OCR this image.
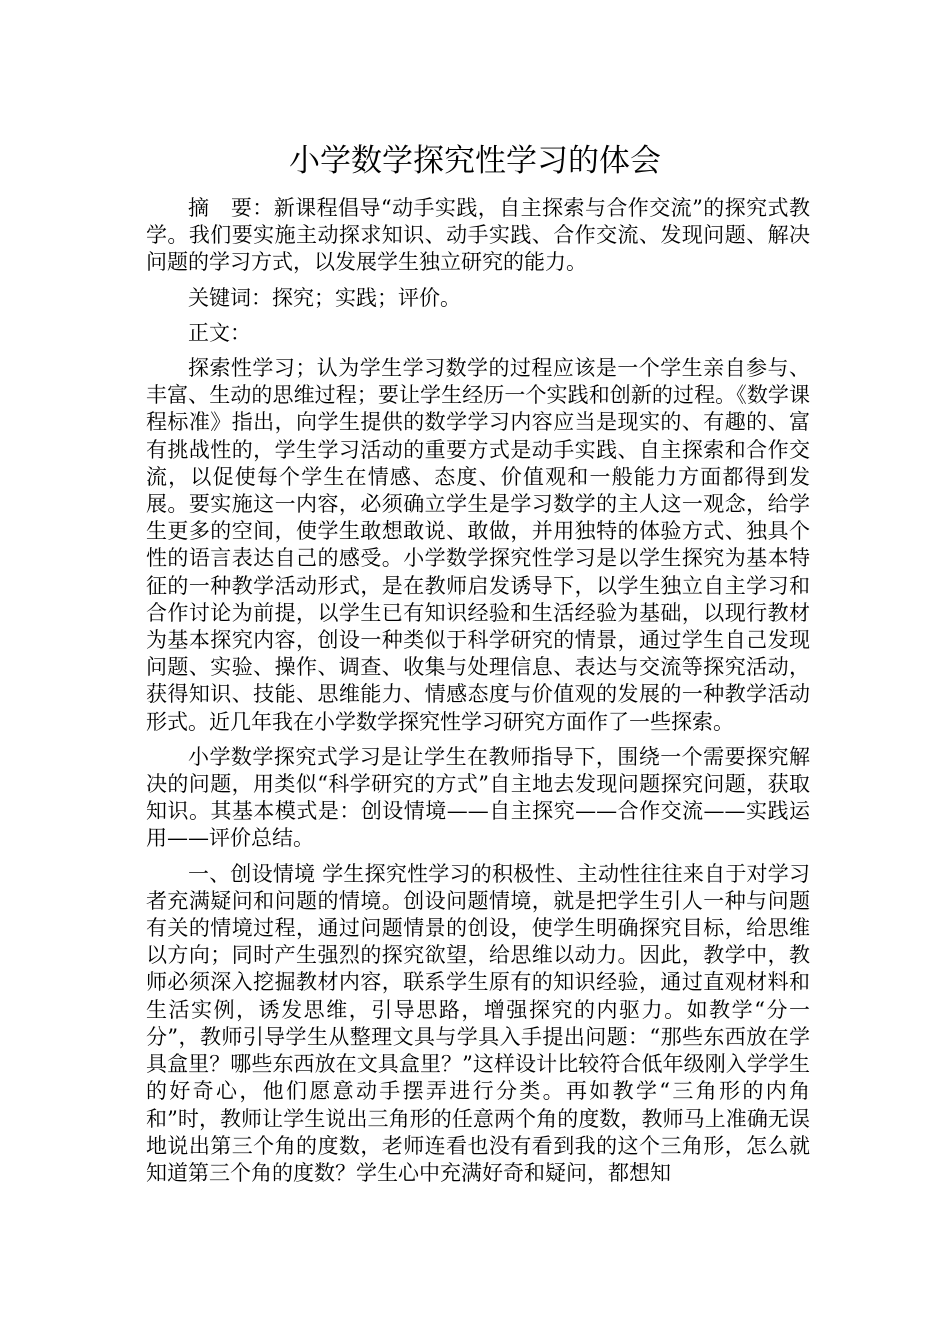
小学数学探究性学习的体会

摘　要：新课程倡导“动手实践，自主探索与合作交流”的探究式教学。我们要实施主动探求知识、动手实践、合作交流、发现问题、解决问题的学习方式，以发展学生独立研究的能力。

关键词：探究；实践；评价。

正文：

探索性学习；认为学生学习数学的过程应该是一个学生亲自参与、丰富、生动的思维过程；要让学生经历一个实践和创新的过程。《数学课程标准》指出，向学生提供的数学学习内容应当是现实的、有趣的、富有挑战性的，学生学习活动的重要方式是动手实践、自主探索和合作交流，以促使每个学生在情感、态度、价值观和一般能力方面都得到发展。要实施这一内容，必须确立学生是学习数学的主人这一观念，给学生更多的空间，使学生敢想敢说、敢做，并用独特的体验方式、独具个性的语言表达自己的感受。小学数学探究性学习是以学生探究为基本特征的一种教学活动形式，是在教师启发诱导下，以学生独立自主学习和合作讨论为前提，以学生已有知识经验和生活经验为基础，以现行教材为基本探究内容，创设一种类似于科学研究的情景，通过学生自己发现问题、实验、操作、调查、收集与处理信息、表达与交流等探究活动，获得知识、技能、思维能力、情感态度与价值观的发展的一种教学活动形式。近几年我在小学数学探究性学习研究方面作了一些探索。

小学数学探究式学习是让学生在教师指导下，围绕一个需要探究解决的问题，用类似“科学研究的方式”自主地去发现问题探究问题，获取知识。其基本模式是：创设情境——自主探究——合作交流——实践运用——评价总结。

一、创设情境 学生探究性学习的积极性、主动性往往来自于对学习者充满疑问和问题的情境。创设问题情境，就是把学生引人一种与问题有关的情境过程，通过问题情景的创设，使学生明确探究目标，给思维以方向；同时产生强烈的探究欲望，给思维以动力。因此，教学中，教师必须深入挖掘教材内容，联系学生原有的知识经验，通过直观材料和生活实例，诱发思维，引导思路，增强探究的内驱力。如教学“分一分”，教师引导学生从整理文具与学具入手提出问题：“那些东西放在学具盒里？哪些东西放在文具盒里？”这样设计比较符合低年级刚入学学生的好奇心，他们愿意动手摆弄进行分类。再如教学“三角形的内角和”时，教师让学生说出三角形的任意两个角的度数，教师马上准确无误地说出第三个角的度数，老师连看也没有看到我的这个三角形，怎么就知道第三个角的度数？学生心中充满好奇和疑问，都想知
